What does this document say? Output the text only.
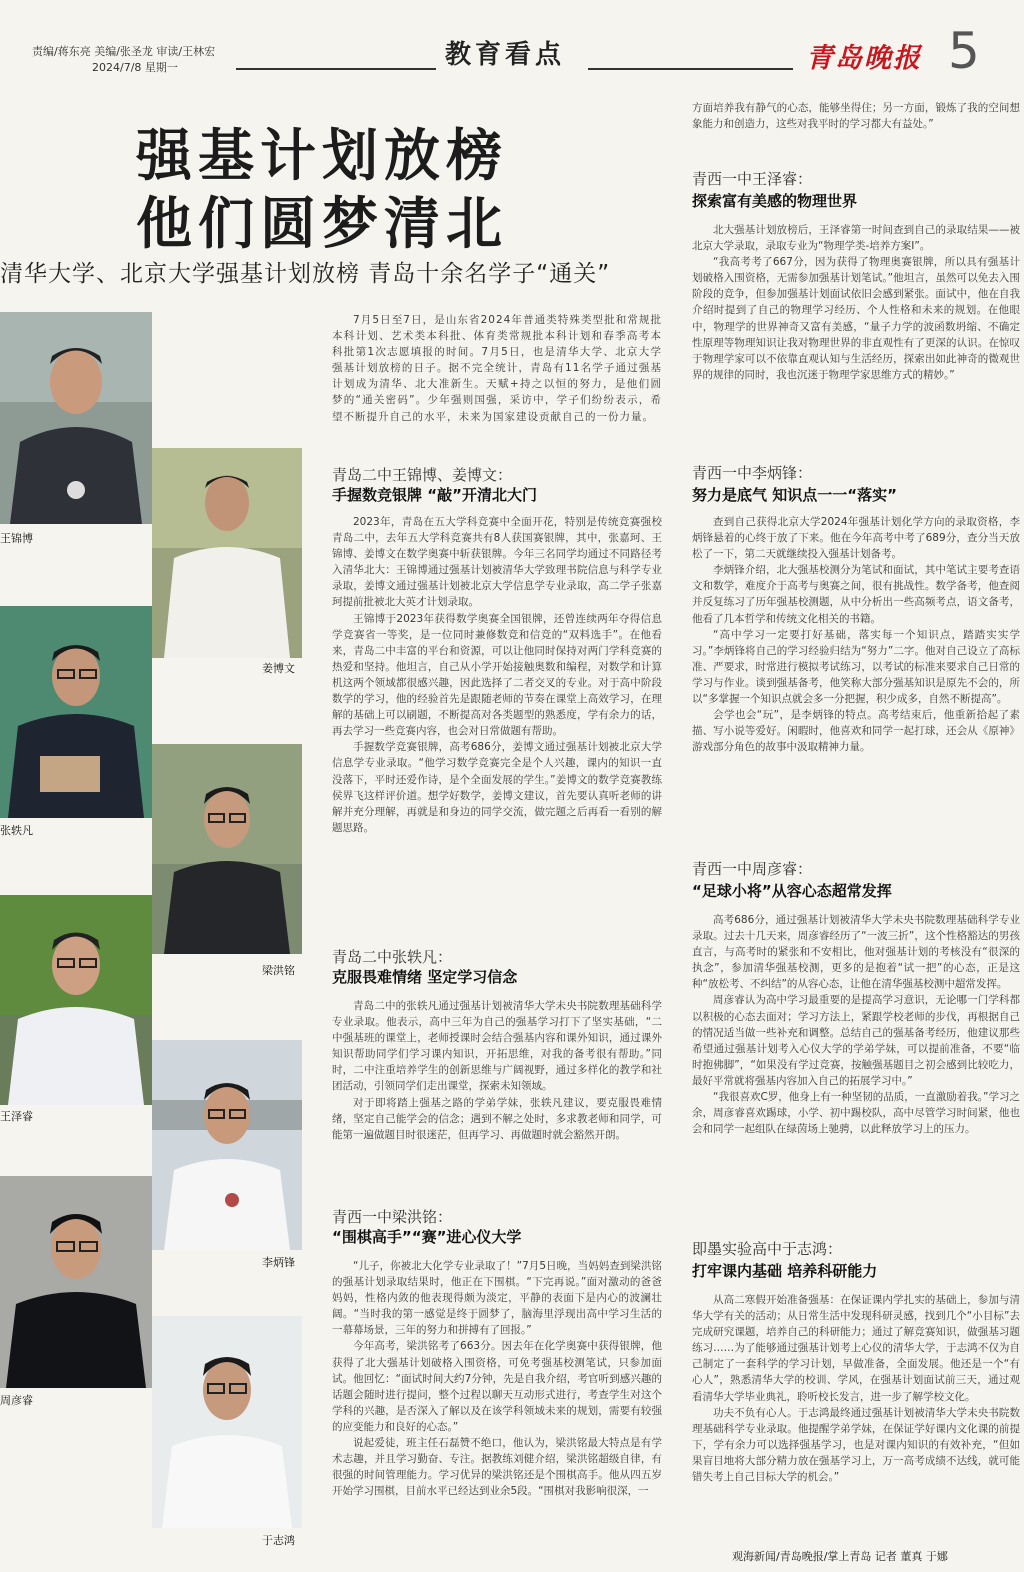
责编/蒋东亮 美编/张圣龙 审读/王林宏
2024/7/8 星期一	教育看点	青岛晚报 5
强基计划放榜
他们圆梦清北
清华大学、北京大学强基计划放榜 青岛十余名学子“通关”
王锦博
姜博文
张轶凡
梁洪铭
王泽睿
李炳锋
周彦睿
于志鸿
7月5日至7日，是山东省2024年普通类特殊类型批和常规批本科计划、艺术类本科批、体育类常规批本科计划和春季高考本科批第1次志愿填报的时间。7月5日，也是清华大学、北京大学强基计划放榜的日子。据不完全统计，青岛有11名学子通过强基计划成为清华、北大准新生。天赋+持之以恒的努力，是他们圆梦的“通关密码”。少年强则国强，采访中，学子们纷纷表示，希望不断提升自己的水平，未来为国家建设贡献自己的一份力量。
青岛二中王锦博、姜博文：
手握数竞银牌 “敲”开清北大门

2023年，青岛在五大学科竞赛中全面开花，特别是传统竞赛强校青岛二中，去年五大学科竞赛共有8人获国赛银牌，其中，张嘉珂、王锦博、姜博文在数学奥赛中斩获银牌。今年三名同学均通过不同路径考入清华北大：王锦博通过强基计划被清华大学致理书院信息与科学专业录取，姜博文通过强基计划被北京大学信息学专业录取，高二学子张嘉珂提前批被北大英才计划录取。

王锦博于2023年获得数学奥赛全国银牌，还曾连续两年夺得信息学竞赛省一等奖，是一位同时兼修数竞和信竞的“双料选手”。在他看来，青岛二中丰富的平台和资源，可以让他同时保持对两门学科竞赛的热爱和坚持。他坦言，自己从小学开始接触奥数和编程，对数学和计算机这两个领域都很感兴趣，因此选择了二者交叉的专业。对于高中阶段数学的学习，他的经验首先是跟随老师的节奏在课堂上高效学习，在理解的基础上可以刷题，不断提高对各类题型的熟悉度，学有余力的话，再去学习一些竞赛内容，也会对日常做题有帮助。

手握数学竞赛银牌，高考686分，姜博文通过强基计划被北京大学信息学专业录取。“他学习数学竞赛完全是个人兴趣，课内的知识一直没落下，平时还爱作诗，是个全面发展的学生。”姜博文的数学竞赛教练侯界飞这样评价道。想学好数学，姜博文建议，首先要认真听老师的讲解并充分理解，再就是和身边的同学交流，做完题之后再看一看别的解题思路。

青岛二中张轶凡：
克服畏难情绪 坚定学习信念

青岛二中的张轶凡通过强基计划被清华大学未央书院数理基础科学专业录取。他表示，高中三年为自己的强基学习打下了坚实基础，“二中强基班的课堂上，老师授课时会结合强基内容和课外知识，通过课外知识帮助同学们学习课内知识，开拓思维，对我的备考很有帮助。”同时，二中注重培养学生的创新思维与广阔视野，通过多样化的教学和社团活动，引领同学们走出课堂，探索未知领域。

对于即将踏上强基之路的学弟学妹，张轶凡建议，要克服畏难情绪，坚定自己能学会的信念；遇到不解之处时，多求教老师和同学，可能第一遍做题目时很迷茫，但再学习、再做题时就会豁然开朗。

青西一中梁洪铭：
“围棋高手”“赛”进心仪大学

“儿子，你被北大化学专业录取了！”7月5日晚，当妈妈查到梁洪铭的强基计划录取结果时，他正在下围棋。“下完再说。”面对激动的爸爸妈妈，性格内敛的他表现得颇为淡定，平静的表面下是内心的波澜壮阔。“当时我的第一感觉是终于圆梦了，脑海里浮现出高中学习生活的一幕幕场景，三年的努力和拼搏有了回报。”

今年高考，梁洪铭考了663分。因去年在化学奥赛中获得银牌，他获得了北大强基计划破格入围资格，可免考强基校测笔试，只参加面试。他回忆：“面试时间大约7分钟，先是自我介绍，考官听到感兴趣的话题会随时进行提问，整个过程以聊天互动形式进行，考查学生对这个学科的兴趣，是否深入了解以及在该学科领域未来的规划，需要有较强的应变能力和良好的心态。”

说起爱徒，班主任石磊赞不绝口，他认为，梁洪铭最大特点是有学术志趣，并且学习勤奋、专注。据教练刘健介绍，梁洪铭超级自律，有很强的时间管理能力。学习优异的梁洪铭还是个围棋高手。他从四五岁开始学习围棋，目前水平已经达到业余5段。“围棋对我影响很深，一

方面培养我有静气的心态，能够坐得住；另一方面，锻炼了我的空间想象能力和创造力，这些对我平时的学习都大有益处。”
青西一中王泽睿：
探索富有美感的物理世界

北大强基计划放榜后，王泽睿第一时间查到自己的录取结果——被北京大学录取，录取专业为“物理学类-培养方案I”。

“我高考考了667分，因为获得了物理奥赛银牌，所以具有强基计划破格入围资格，无需参加强基计划笔试。”他坦言，虽然可以免去入围阶段的竞争，但参加强基计划面试依旧会感到紧张。面试中，他在自我介绍时提到了自己的物理学习经历、个人性格和未来的规划。在他眼中，物理学的世界神奇又富有美感，“量子力学的波函数坍缩、不确定性原理等物理知识让我对物理世界的非直观性有了更深的认识。在惊叹于物理学家可以不依靠直观认知与生活经历，探索出如此神奇的微观世界的规律的同时，我也沉迷于物理学家思维方式的精妙。”

青西一中李炳锋：
努力是底气 知识点一一“落实”

查到自己获得北京大学2024年强基计划化学方向的录取资格，李炳锋悬着的心终于放了下来。他在今年高考中考了689分，查分当天放松了一下，第二天就继续投入强基计划备考。

李炳锋介绍，北大强基校测分为笔试和面试，其中笔试主要考查语文和数学，难度介于高考与奥赛之间，很有挑战性。数学备考，他查阅并反复练习了历年强基校测题，从中分析出一些高频考点，语文备考，他看了几本哲学和传统文化相关的书籍。

“高中学习一定要打好基础，落实每一个知识点，踏踏实实学习。”李炳锋将自己的学习经验归结为“努力”二字。他对自己设立了高标准、严要求，时常进行模拟考试练习，以考试的标准来要求自己日常的学习与作业。谈到强基备考，他笑称大部分强基知识是原先不会的，所以“多掌握一个知识点就会多一分把握，积少成多，自然不断提高”。

会学也会“玩”，是李炳锋的特点。高考结束后，他重新拾起了素描、写小说等爱好。闲暇时，他喜欢和同学一起打球，还会从《原神》游戏部分角色的故事中汲取精神力量。

青西一中周彦睿：
“足球小将”从容心态超常发挥

高考686分，通过强基计划被清华大学未央书院数理基础科学专业录取。过去十几天来，周彦睿经历了“一波三折”，这个性格豁达的男孩直言，与高考时的紧张和不安相比，他对强基计划的考核没有“很深的执念”，参加清华强基校测，更多的是抱着“试一把”的心态，正是这种“放松考、不纠结”的从容心态，让他在清华强基校测中超常发挥。

周彦睿认为高中学习最重要的是提高学习意识，无论哪一门学科都以积极的心态去面对；学习方法上，紧跟学校老师的步伐，再根据自己的情况适当做一些补充和调整。总结自己的强基备考经历，他建议那些希望通过强基计划考入心仪大学的学弟学妹，可以提前准备，不要“临时抱佛脚”，“如果没有学过竞赛，按触强基题目之初会感到比较吃力，最好平常就将强基内容加入自己的拓展学习中。”

“我很喜欢C罗，他身上有一种坚韧的品质，一直激励着我。”学习之余，周彦睿喜欢踢球，小学、初中踢校队，高中尽管学习时间紧，他也会和同学一起组队在绿茵场上驰骋，以此释放学习上的压力。

即墨实验高中于志鸿：
打牢课内基础 培养科研能力

从高二寒假开始准备强基：在保证课内学扎实的基础上，参加与清华大学有关的活动；从日常生活中发现科研灵感，找到几个“小目标”去完成研究课题，培养自己的科研能力；通过了解竞赛知识，做强基习题练习……为了能够通过强基计划考上心仪的清华大学，于志鸿不仅为自己制定了一套科学的学习计划，早做准备，全面发展。他还是一个“有心人”，熟悉清华大学的校训、学风，在强基计划面试前三天，通过观看清华大学毕业典礼，聆听校长发言，进一步了解学校文化。

功夫不负有心人。于志鸿最终通过强基计划被清华大学未央书院数理基础科学专业录取。他提醒学弟学妹，在保证学好课内文化课的前提下，学有余力可以选择强基学习，也是对课内知识的有效补充，“但如果盲目地将大部分精力放在强基学习上，万一高考成绩不达线，就可能错失考上自己目标大学的机会。”

观海新闻/青岛晚报/掌上青岛 记者 董真 于娜
